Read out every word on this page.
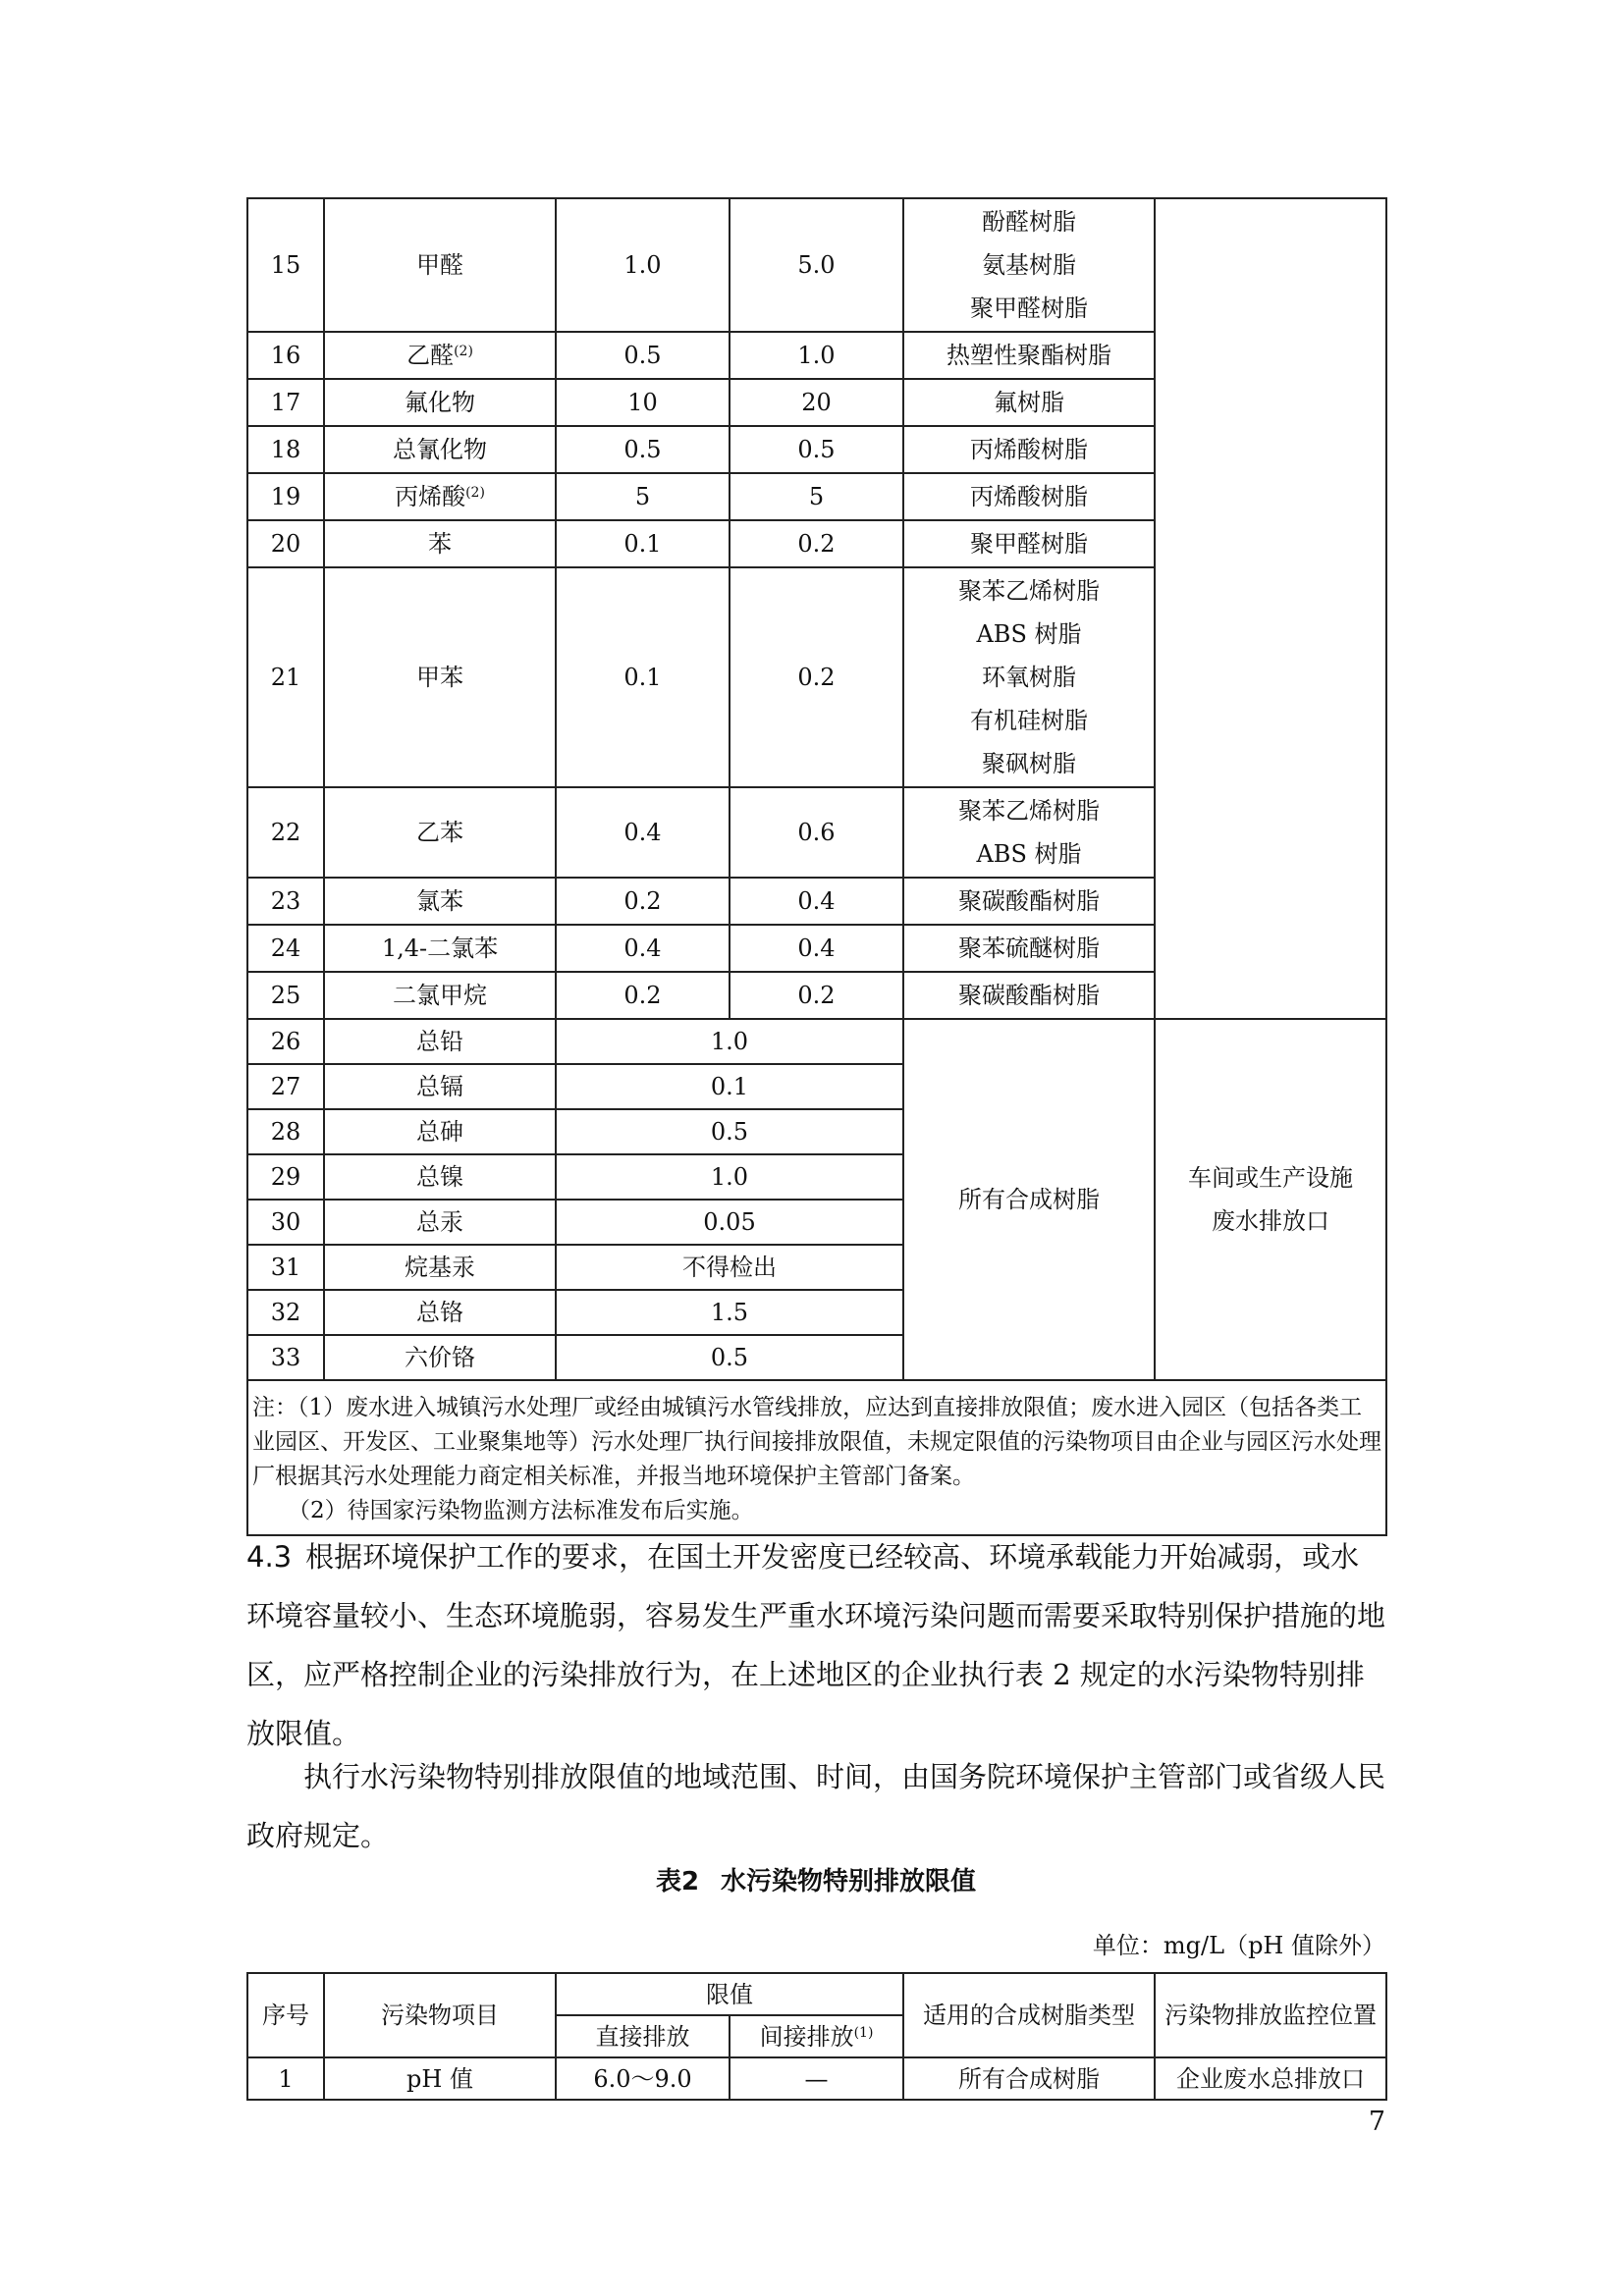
15	甲醛	1.0	5.0	酚醛树脂
氨基树脂
聚甲醛树脂	

16	乙醛$^{(2)}$	0.5	1.0	热塑性聚酯树脂	

17	氟化物	10	20	氟树脂	

18	总氰化物	0.5	0.5	丙烯酸树脂	

19	丙烯酸$^{(2)}$	5	5	丙烯酸树脂	

20	苯	0.1	0.2	聚甲醛树脂	

21	甲苯	0.1	0.2	聚苯乙烯树脂
ABS 树脂
环氧树脂
有机硅树脂
聚砜树脂	

22	乙苯	0.4	0.6	聚苯乙烯树脂
ABS 树脂	

23	氯苯	0.2	0.4	聚碳酸酯树脂	

24	1,4-二氯苯	0.4	0.4	聚苯硫醚树脂	

25	二氯甲烷	0.2	0.2	聚碳酸酯树脂	

26	总铅	1.0		所有合成树脂	车间或生产设施
废水排放口

27	总镉	0.1			
28	总砷	0.5			
29	总镍	1.0			
30	总汞	0.05			
31	烷基汞	不得检出			
32	总铬	1.5			
33	六价铬	0.5			

注：（1）废水进入城镇污水处理厂或经由城镇污水管线排放，应达到直接排放限值；废水进入园区（包括各类工业园区、开发区、工业聚集地等）污水处理厂执行间接排放限值，未规定限值的污染物项目由企业与园区污水处理厂根据其污水处理能力商定相关标准，并报当地环境保护主管部门备案。

（2）待国家污染物监测方法标准发布后实施。					

4.3 根据环境保护工作的要求，在国土开发密度已经较高、环境承载能力开始减弱，或水环境容量较小、生态环境脆弱，容易发生严重水环境污染问题而需要采取特别保护措施的地区，应严格控制企业的污染排放行为，在上述地区的企业执行表 2 规定的水污染物特别排放限值。

执行水污染物特别排放限值的地域范围、时间，由国务院环境保护主管部门或省级人民政府规定。

表2 水污染物特别排放限值
单位：mg/L（pH 值除外）
序号	污染物项目	限值		适用的合成树脂类型	污染物排放监控位置
		直接排放	间接排放$^{(1)}$
1	pH 值	6.0～9.0	—	所有合成树脂	企业废水总排放口
7
